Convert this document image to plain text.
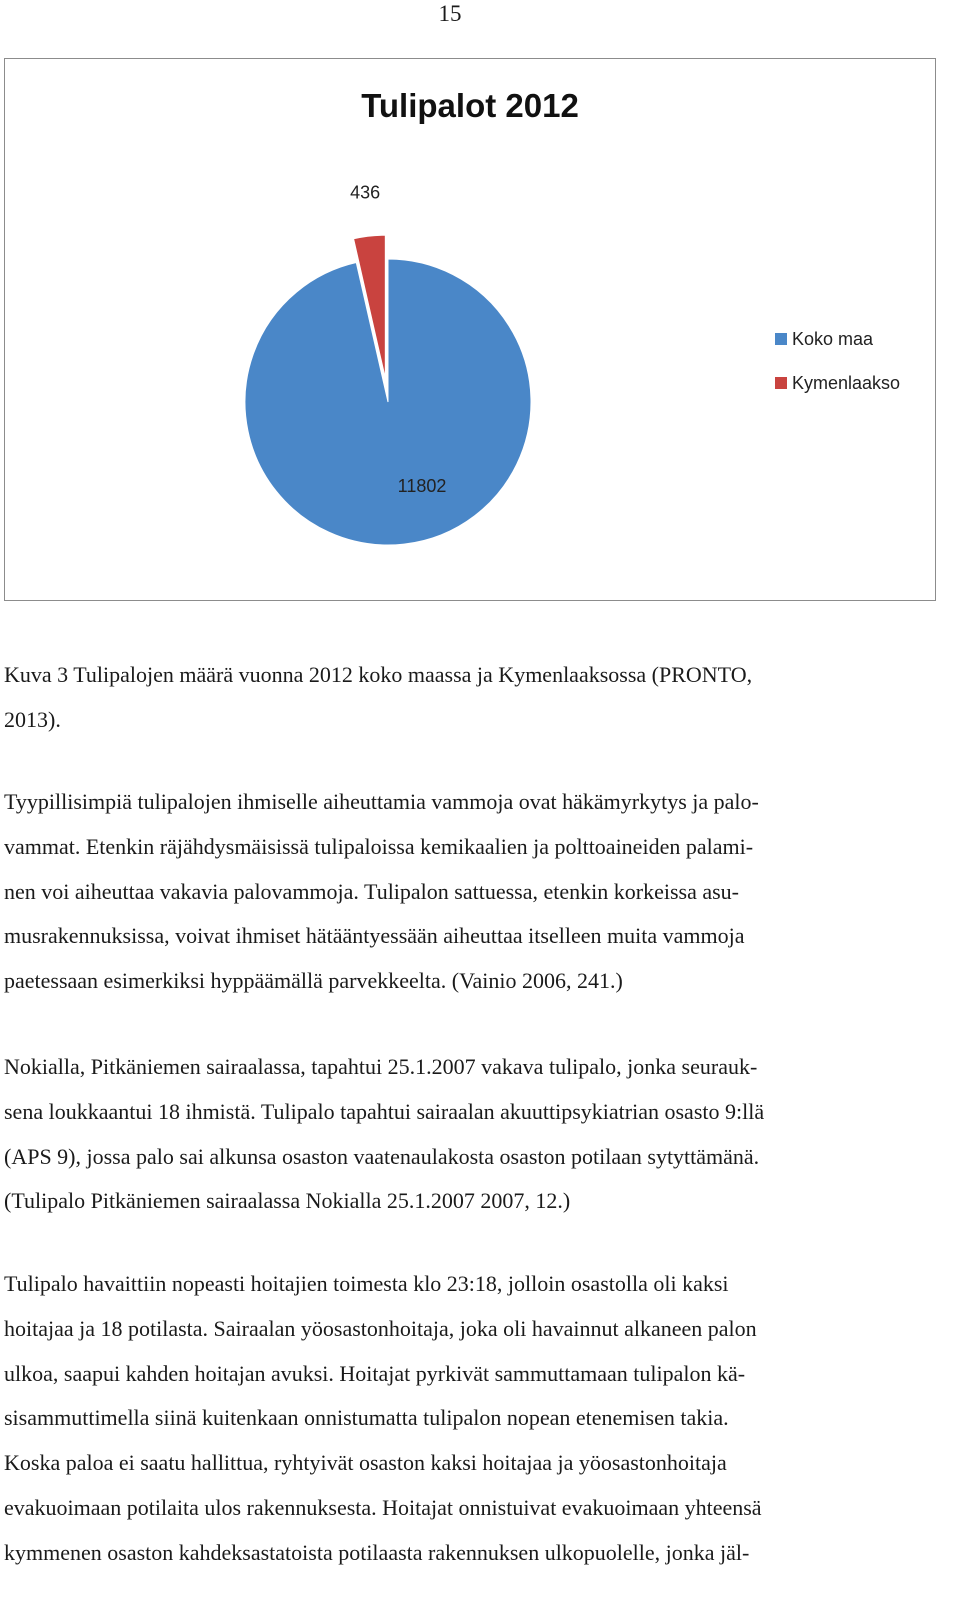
15
Tulipalot 2012
11802
436
Koko maa
Kymenlaakso
Kuva 3 Tulipalojen määrä vuonna 2012 koko maassa ja Kymenlaaksossa (PRONTO,
2013).
Tyypillisimpiä tulipalojen ihmiselle aiheuttamia vammoja ovat häkämyrkytys ja palo-
vammat. Etenkin räjähdysmäisissä tulipaloissa kemikaalien ja polttoaineiden palami-
nen voi aiheuttaa vakavia palovammoja. Tulipalon sattuessa, etenkin korkeissa asu-
musrakennuksissa, voivat ihmiset hätääntyessään aiheuttaa itselleen muita vammoja
paetessaan esimerkiksi hyppäämällä parvekkeelta. (Vainio 2006, 241.)
Nokialla, Pitkäniemen sairaalassa, tapahtui 25.1.2007 vakava tulipalo, jonka seurauk-
sena loukkaantui 18 ihmistä. Tulipalo tapahtui sairaalan akuuttipsykiatrian osasto 9:llä
(APS 9), jossa palo sai alkunsa osaston vaatenaulakosta osaston potilaan sytyttämänä.
(Tulipalo Pitkäniemen sairaalassa Nokialla 25.1.2007 2007, 12.)
Tulipalo havaittiin nopeasti hoitajien toimesta klo 23:18, jolloin osastolla oli kaksi
hoitajaa ja 18 potilasta. Sairaalan yöosastonhoitaja, joka oli havainnut alkaneen palon
ulkoa, saapui kahden hoitajan avuksi. Hoitajat pyrkivät sammuttamaan tulipalon kä-
sisammuttimella siinä kuitenkaan onnistumatta tulipalon nopean etenemisen takia.
Koska paloa ei saatu hallittua, ryhtyivät osaston kaksi hoitajaa ja yöosastonhoitaja
evakuoimaan potilaita ulos rakennuksesta. Hoitajat onnistuivat evakuoimaan yhteensä
kymmenen osaston kahdeksastatoista potilaasta rakennuksen ulkopuolelle, jonka jäl-
